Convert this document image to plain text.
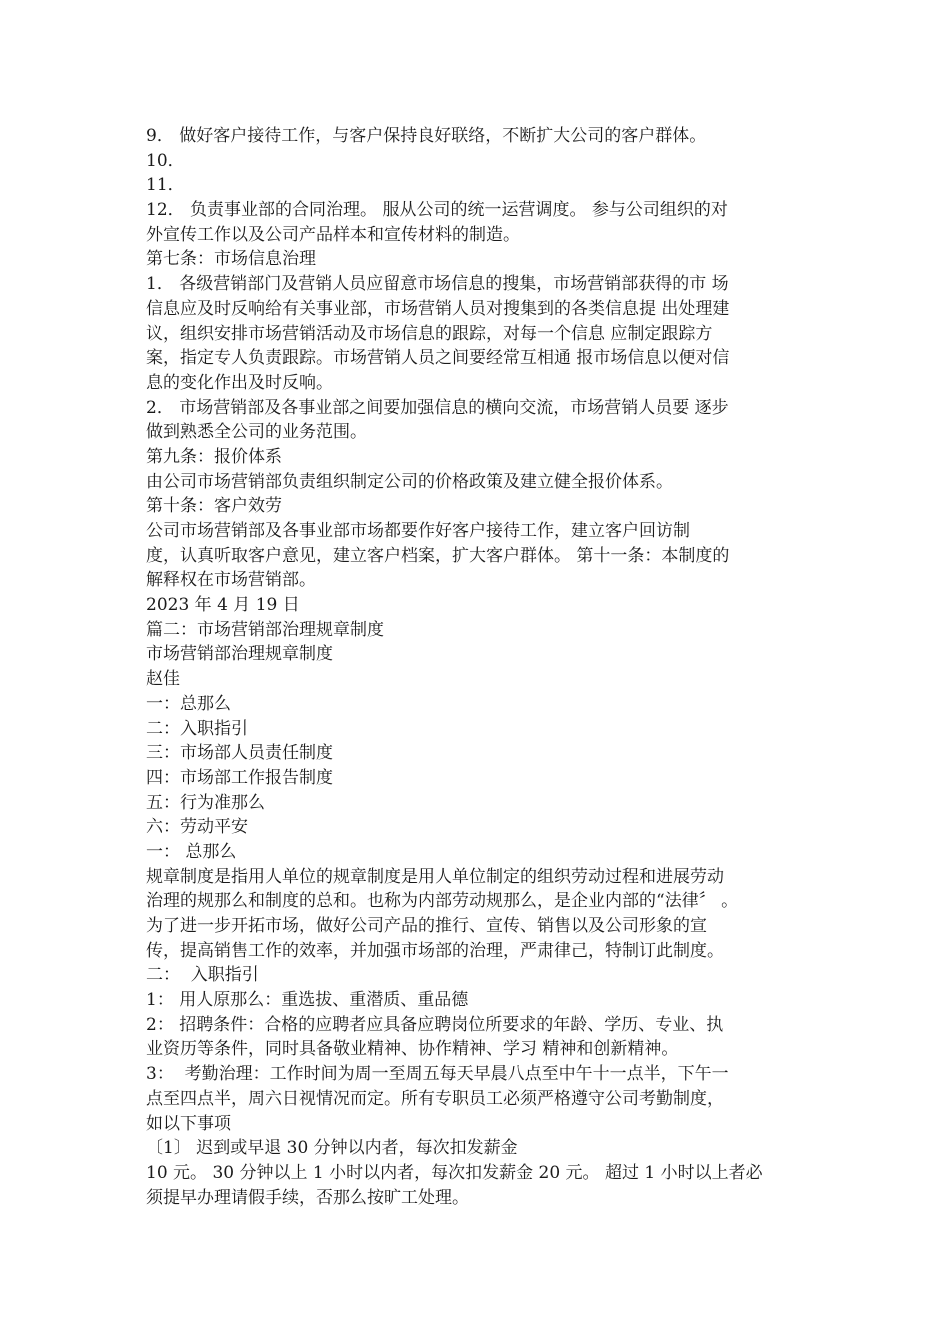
9． 做好客户接待工作，与客户保持良好联络，不断扩大公司的客户群体。
10．
11．
12． 负责事业部的合同治理。 服从公司的统一运营调度。 参与公司组织的对
外宣传工作以及公司产品样本和宣传材料的制造。
第七条：市场信息治理
1． 各级营销部门及营销人员应留意市场信息的搜集，市场营销部获得的市 场
信息应及时反响给有关事业部，市场营销人员对搜集到的各类信息提 出处理建
议，组织安排市场营销活动及市场信息的跟踪，对每一个信息 应制定跟踪方
案，指定专人负责跟踪。市场营销人员之间要经常互相通 报市场信息以便对信
息的变化作出及时反响。
2． 市场营销部及各事业部之间要加强信息的横向交流，市场营销人员要 逐步
做到熟悉全公司的业务范围。
第九条：报价体系
由公司市场营销部负责组织制定公司的价格政策及建立健全报价体系。
第十条：客户效劳
公司市场营销部及各事业部市场都要作好客户接待工作，建立客户回访制
度，认真听取客户意见，建立客户档案，扩大客户群体。 第十一条：本制度的
解释权在市场营销部。
2023 年 4 月 19 日
篇二：市场营销部治理规章制度
市场营销部治理规章制度
赵佳
一：总那么
二：入职指引
三：市场部人员责任制度
四：市场部工作报告制度
五：行为准那么
六：劳动平安
一： 总那么
规章制度是指用人单位的规章制度是用人单位制定的组织劳动过程和进展劳动
治理的规那么和制度的总和。也称为内部劳动规那么，是企业内部的“法律〞 。
为了进一步开拓市场，做好公司产品的推行、宣传、销售以及公司形象的宣
传，提高销售工作的效率，并加强市场部的治理，严肃律己，特制订此制度。
二：  入职指引
1： 用人原那么：重选拔、重潜质、重品德
2： 招聘条件：合格的应聘者应具备应聘岗位所要求的年龄、学历、专业、执
业资历等条件，同时具备敬业精神、协作精神、学习 精神和创新精神。
3：  考勤治理：工作时间为周一至周五每天早晨八点至中午十一点半，下午一
点至四点半，周六日视情况而定。所有专职员工必须严格遵守公司考勤制度，
如以下事项
〔1〕 迟到或早退 30 分钟以内者，每次扣发薪金
10 元。 30 分钟以上 1 小时以内者，每次扣发薪金 20 元。 超过 1 小时以上者必
须提早办理请假手续，否那么按旷工处理。
